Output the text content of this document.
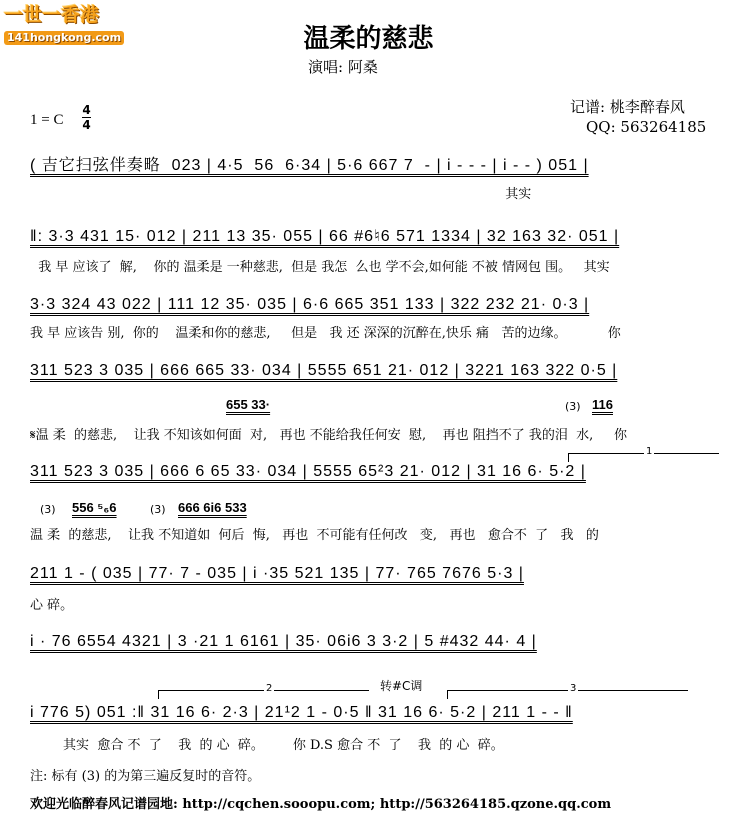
一世一香港
141hongkong.com	温柔的慈悲
演唱: 阿桑
1 = C
4
4
记谱: 桃李醉春风
QQ: 563264185
( 吉它扫弦伴奏略  023 | 4·5  56  6·34 | 5·6 667 7  - | i - - - | i - - ) 051 |
其实
‖: 3·3 431 15· 012 | 211 13 35· 055 | 66 #6♮6 571 1334 | 32 163 32· 051 |
我 早 应该了  解,    你的 温柔是 一种慈悲,  但是 我怎  么也 学不会,如何能 不被 情网包 围。   其实
3·3 324 43 022 | 111 12 35· 035 | 6·6 665 351 133 | 322 232 21· 0·3 |
我 早 应该告 别,  你的    温柔和你的慈悲,     但是   我 还 深深的沉醉在,快乐 痛   苦的边缘。          你
311 523 3 035 | 666 665 33· 034 | 5555 651 21· 012 | 3221 163 322 0·5 |
655 33·	(3) 116
𝄋温 柔  的慈悲,    让我 不知该如何面  对,   再也 不能给我任何安  慰,    再也 阻挡不了 我的泪  水,     你
1
311 523 3 035 | 666 6 65 33· 034 | 5555 65²3 21· 012 | 31 16 6· 5·2 |
(3) 556 ⁵₆6	(3) 666 6i6 533
温 柔  的慈悲,    让我 不知道如  何后  悔,   再也  不可能有任何改   变,   再也   愈合不  了   我   的
211 1 - ( 035 | 77· 7 - 035 | i ·35 521 135 | 77· 765 7676 5·3 |
心 碎。
i · 76 6554 4321 | 3 ·21 1 6161 | 35· 06i6 3 3·2 | 5 #432 44· 4 |
转#C调
2	3
i 776 5) 051 :‖ 31 16 6· 2·3 | 21¹2 1 - 0·5 ‖ 31 16 6· 5·2 | 211 1 - - ‖
其实  愈合 不  了    我  的 心  碎。       你 D.S 愈合 不  了    我  的 心  碎。
注: 标有 (3) 的为第三遍反复时的音符。
欢迎光临醉春风记谱园地: http://cqchen.sooopu.com; http://563264185.qzone.qq.com
